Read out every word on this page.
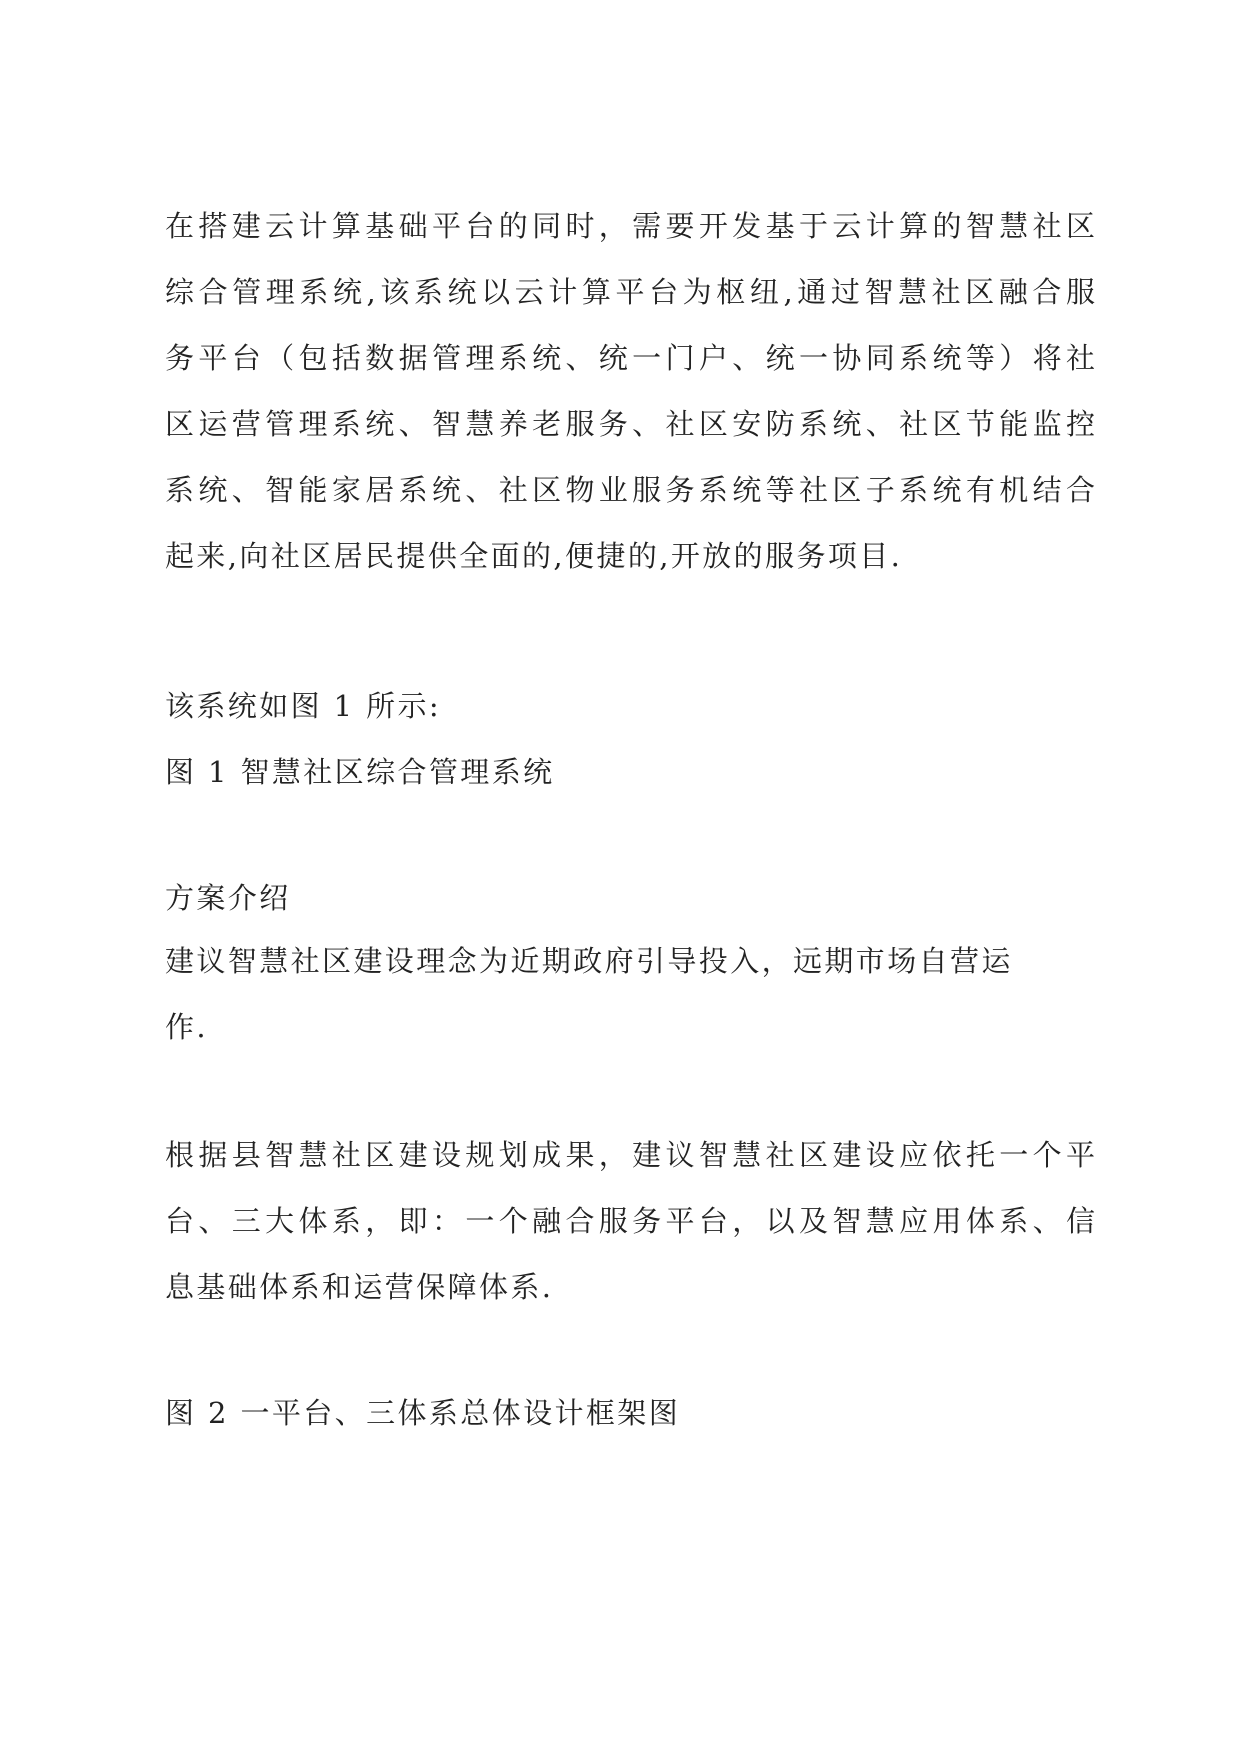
在搭建云计算基础平台的同时，需要开发基于云计算的智慧社区

综合管理系统,该系统以云计算平台为枢纽,通过智慧社区融合服

务平台（包括数据管理系统、统一门户、统一协同系统等）将社

区运营管理系统、智慧养老服务、社区安防系统、社区节能监控

系统、智能家居系统、社区物业服务系统等社区子系统有机结合

起来,向社区居民提供全面的,便捷的,开放的服务项目.

该系统如图 1 所示:

图 1 智慧社区综合管理系统

方案介绍

建议智慧社区建设理念为近期政府引导投入，远期市场自营运

作.

根据县智慧社区建设规划成果，建议智慧社区建设应依托一个平

台、三大体系，即：一个融合服务平台，以及智慧应用体系、信

息基础体系和运营保障体系.

图 2 一平台、三体系总体设计框架图
